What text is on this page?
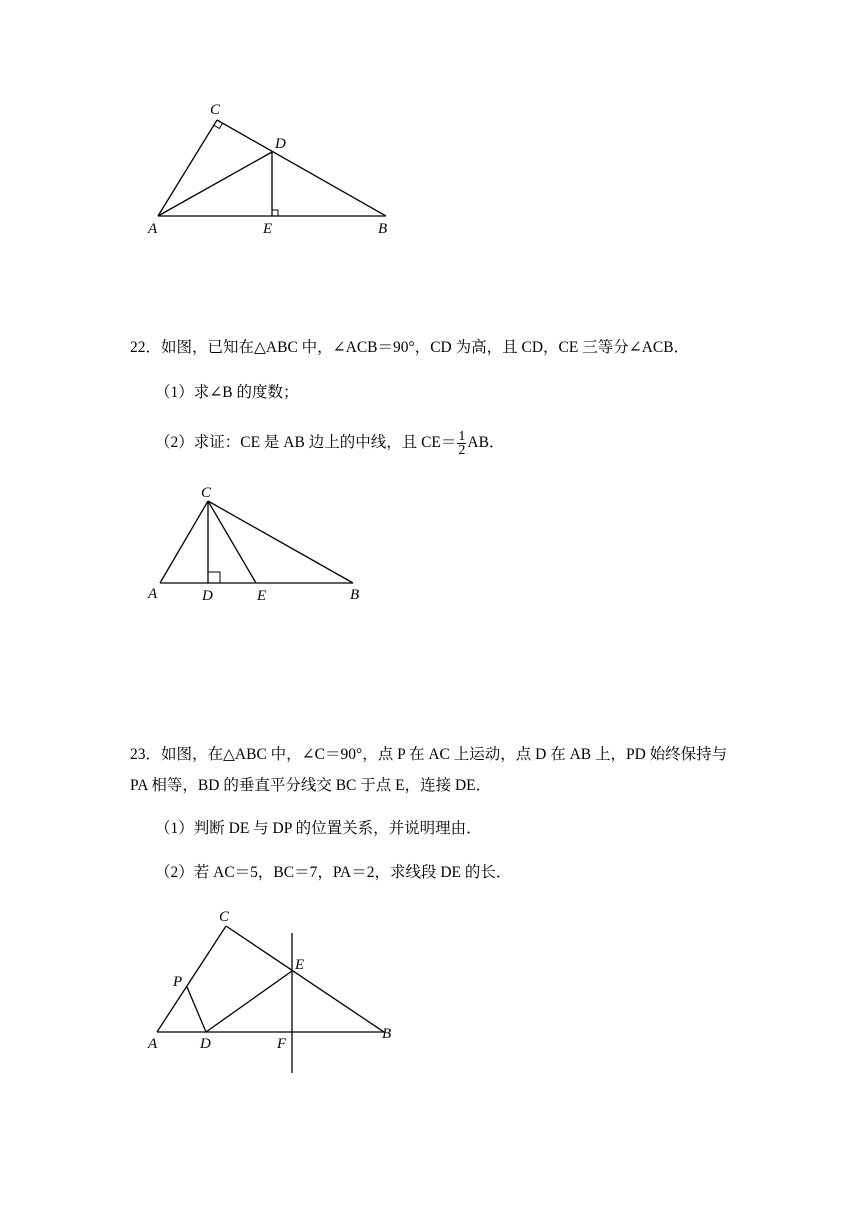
C
D
A	E	B
22．如图，已知在△ABC 中，∠ACB＝90°，CD 为高，且 CD，CE 三等分∠ACB．
（1）求∠B 的度数；
（2）求证：CE 是 AB 边上的中线，且 $CE= \frac{1}{2}$ AB．
C
A	D	E	B
23．如图，在△ABC 中，∠C＝90°，点 P 在 AC 上运动，点 D 在 AB 上，PD 始终保持与
PA 相等，BD 的垂直平分线交 BC 于点 E，连接 DE．
（1）判断 DE 与 DP 的位置关系，并说明理由．
（2）若 AC＝5，BC＝7，PA＝2，求线段 DE 的长．
C
E
P
A	D	F
B
